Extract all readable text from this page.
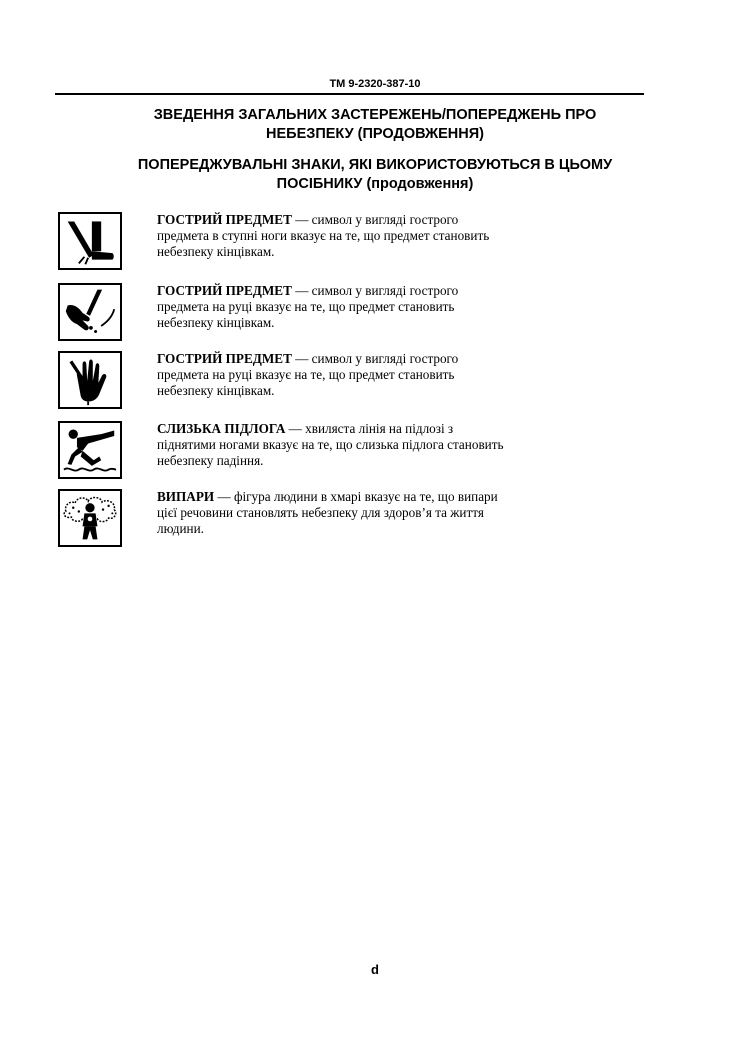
TM 9-2320-387-10
ЗВЕДЕННЯ ЗАГАЛЬНИХ ЗАСТЕРЕЖЕНЬ/ПОПЕРЕДЖЕНЬ ПРО
НЕБЕЗПЕКУ (ПРОДОВЖЕННЯ)
ПОПЕРЕДЖУВАЛЬНІ ЗНАКИ, ЯКІ ВИКОРИСТОВУЮТЬСЯ В ЦЬОМУ
ПОСІБНИКУ (продовження)
ГОСТРИЙ ПРЕДМЕТ — символ у вигляді гострого
предмета в ступні ноги вказує на те, що предмет становить
небезпеку кінцівкам.
ГОСТРИЙ ПРЕДМЕТ — символ у вигляді гострого
предмета на руці вказує на те, що предмет становить
небезпеку кінцівкам.
ГОСТРИЙ ПРЕДМЕТ — символ у вигляді гострого
предмета на руці вказує на те, що предмет становить
небезпеку кінцівкам.
СЛИЗЬКА ПІДЛОГА — хвиляста лінія на підлозі з
піднятими ногами вказує на те, що слизька підлога становить
небезпеку падіння.
ВИПАРИ — фігура людини в хмарі вказує на те, що випари
цієї речовини становлять небезпеку для здоров’я та життя
людини.
d
